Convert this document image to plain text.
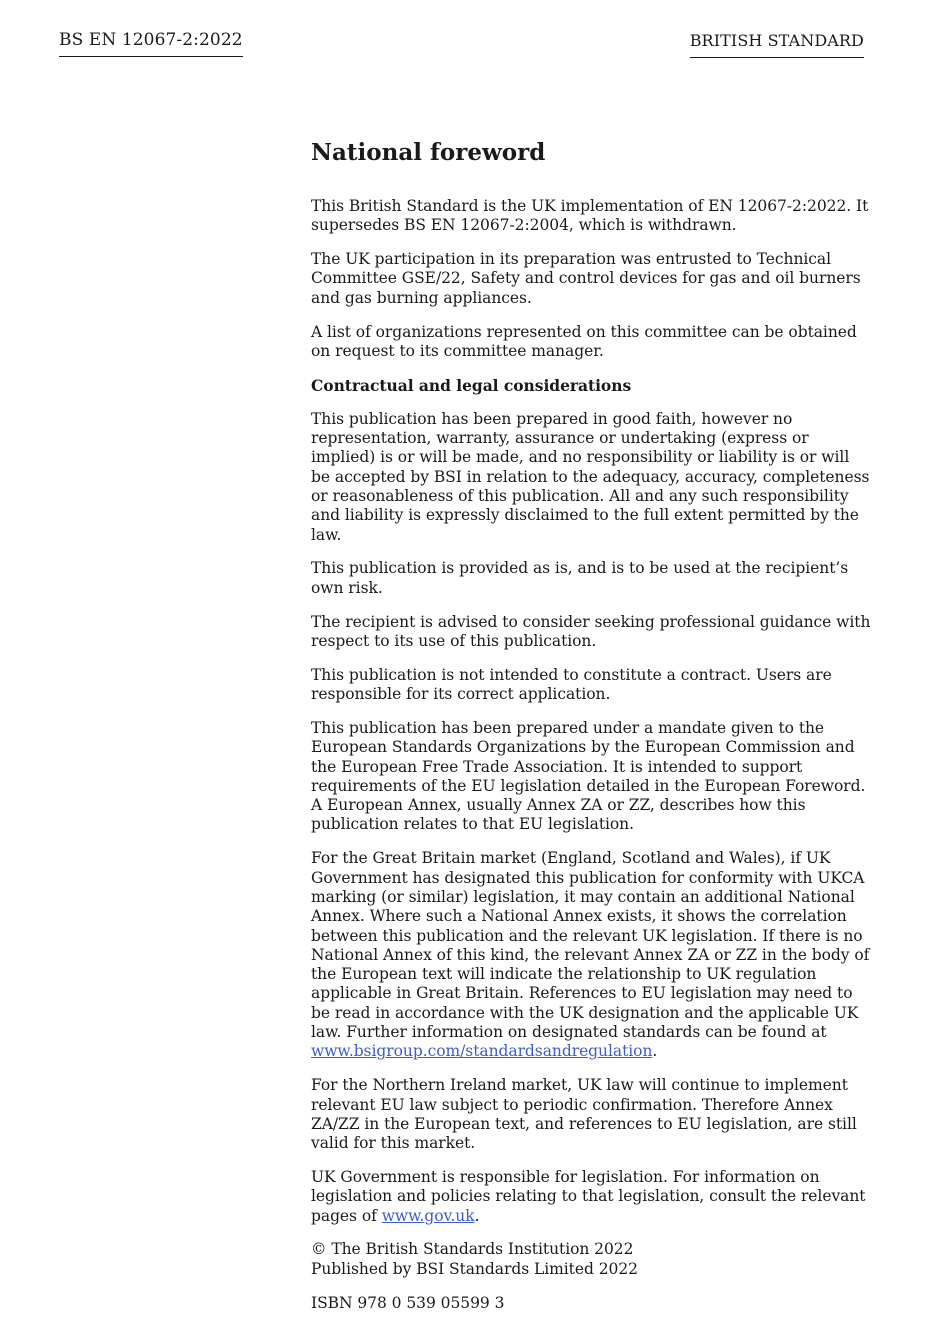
BS EN 12067-2:2022	BRITISH STANDARD
National foreword

This British Standard is the UK implementation of EN 12067-2:2022. It supersedes BS EN 12067-2:2004, which is withdrawn.

The UK participation in its preparation was entrusted to Technical Committee GSE/22, Safety and control devices for gas and oil burners and gas burning appliances.

A list of organizations represented on this committee can be obtained on request to its committee manager.

Contractual and legal considerations

This publication has been prepared in good faith, however no representation, warranty, assurance or undertaking (express or implied) is or will be made, and no responsibility or liability is or will be accepted by BSI in relation to the adequacy, accuracy, completeness or reasonableness of this publication. All and any such responsibility and liability is expressly disclaimed to the full extent permitted by the law.

This publication is provided as is, and is to be used at the recipient’s own risk.

The recipient is advised to consider seeking professional guidance with respect to its use of this publication.

This publication is not intended to constitute a contract. Users are responsible for its correct application.

This publication has been prepared under a mandate given to the European Standards Organizations by the European Commission and the European Free Trade Association. It is intended to support requirements of the EU legislation detailed in the European Foreword. A European Annex, usually Annex ZA or ZZ, describes how this publication relates to that EU legislation.

For the Great Britain market (England, Scotland and Wales), if UK Government has designated this publication for conformity with UKCA marking (or similar) legislation, it may contain an additional National Annex. Where such a National Annex exists, it shows the correlation between this publication and the relevant UK legislation. If there is no National Annex of this kind, the relevant Annex ZA or ZZ in the body of the European text will indicate the relationship to UK regulation applicable in Great Britain. References to EU legislation may need to be read in accordance with the UK designation and the applicable UK law. Further information on designated standards can be found at www.bsigroup.com/standardsandregulation.

For the Northern Ireland market, UK law will continue to implement relevant EU law subject to periodic confirmation. Therefore Annex ZA/ZZ in the European text, and references to EU legislation, are still valid for this market.

UK Government is responsible for legislation. For information on legislation and policies relating to that legislation, consult the relevant pages of www.gov.uk.

© The British Standards Institution 2022
Published by BSI Standards Limited 2022

ISBN 978 0 539 05599 3
